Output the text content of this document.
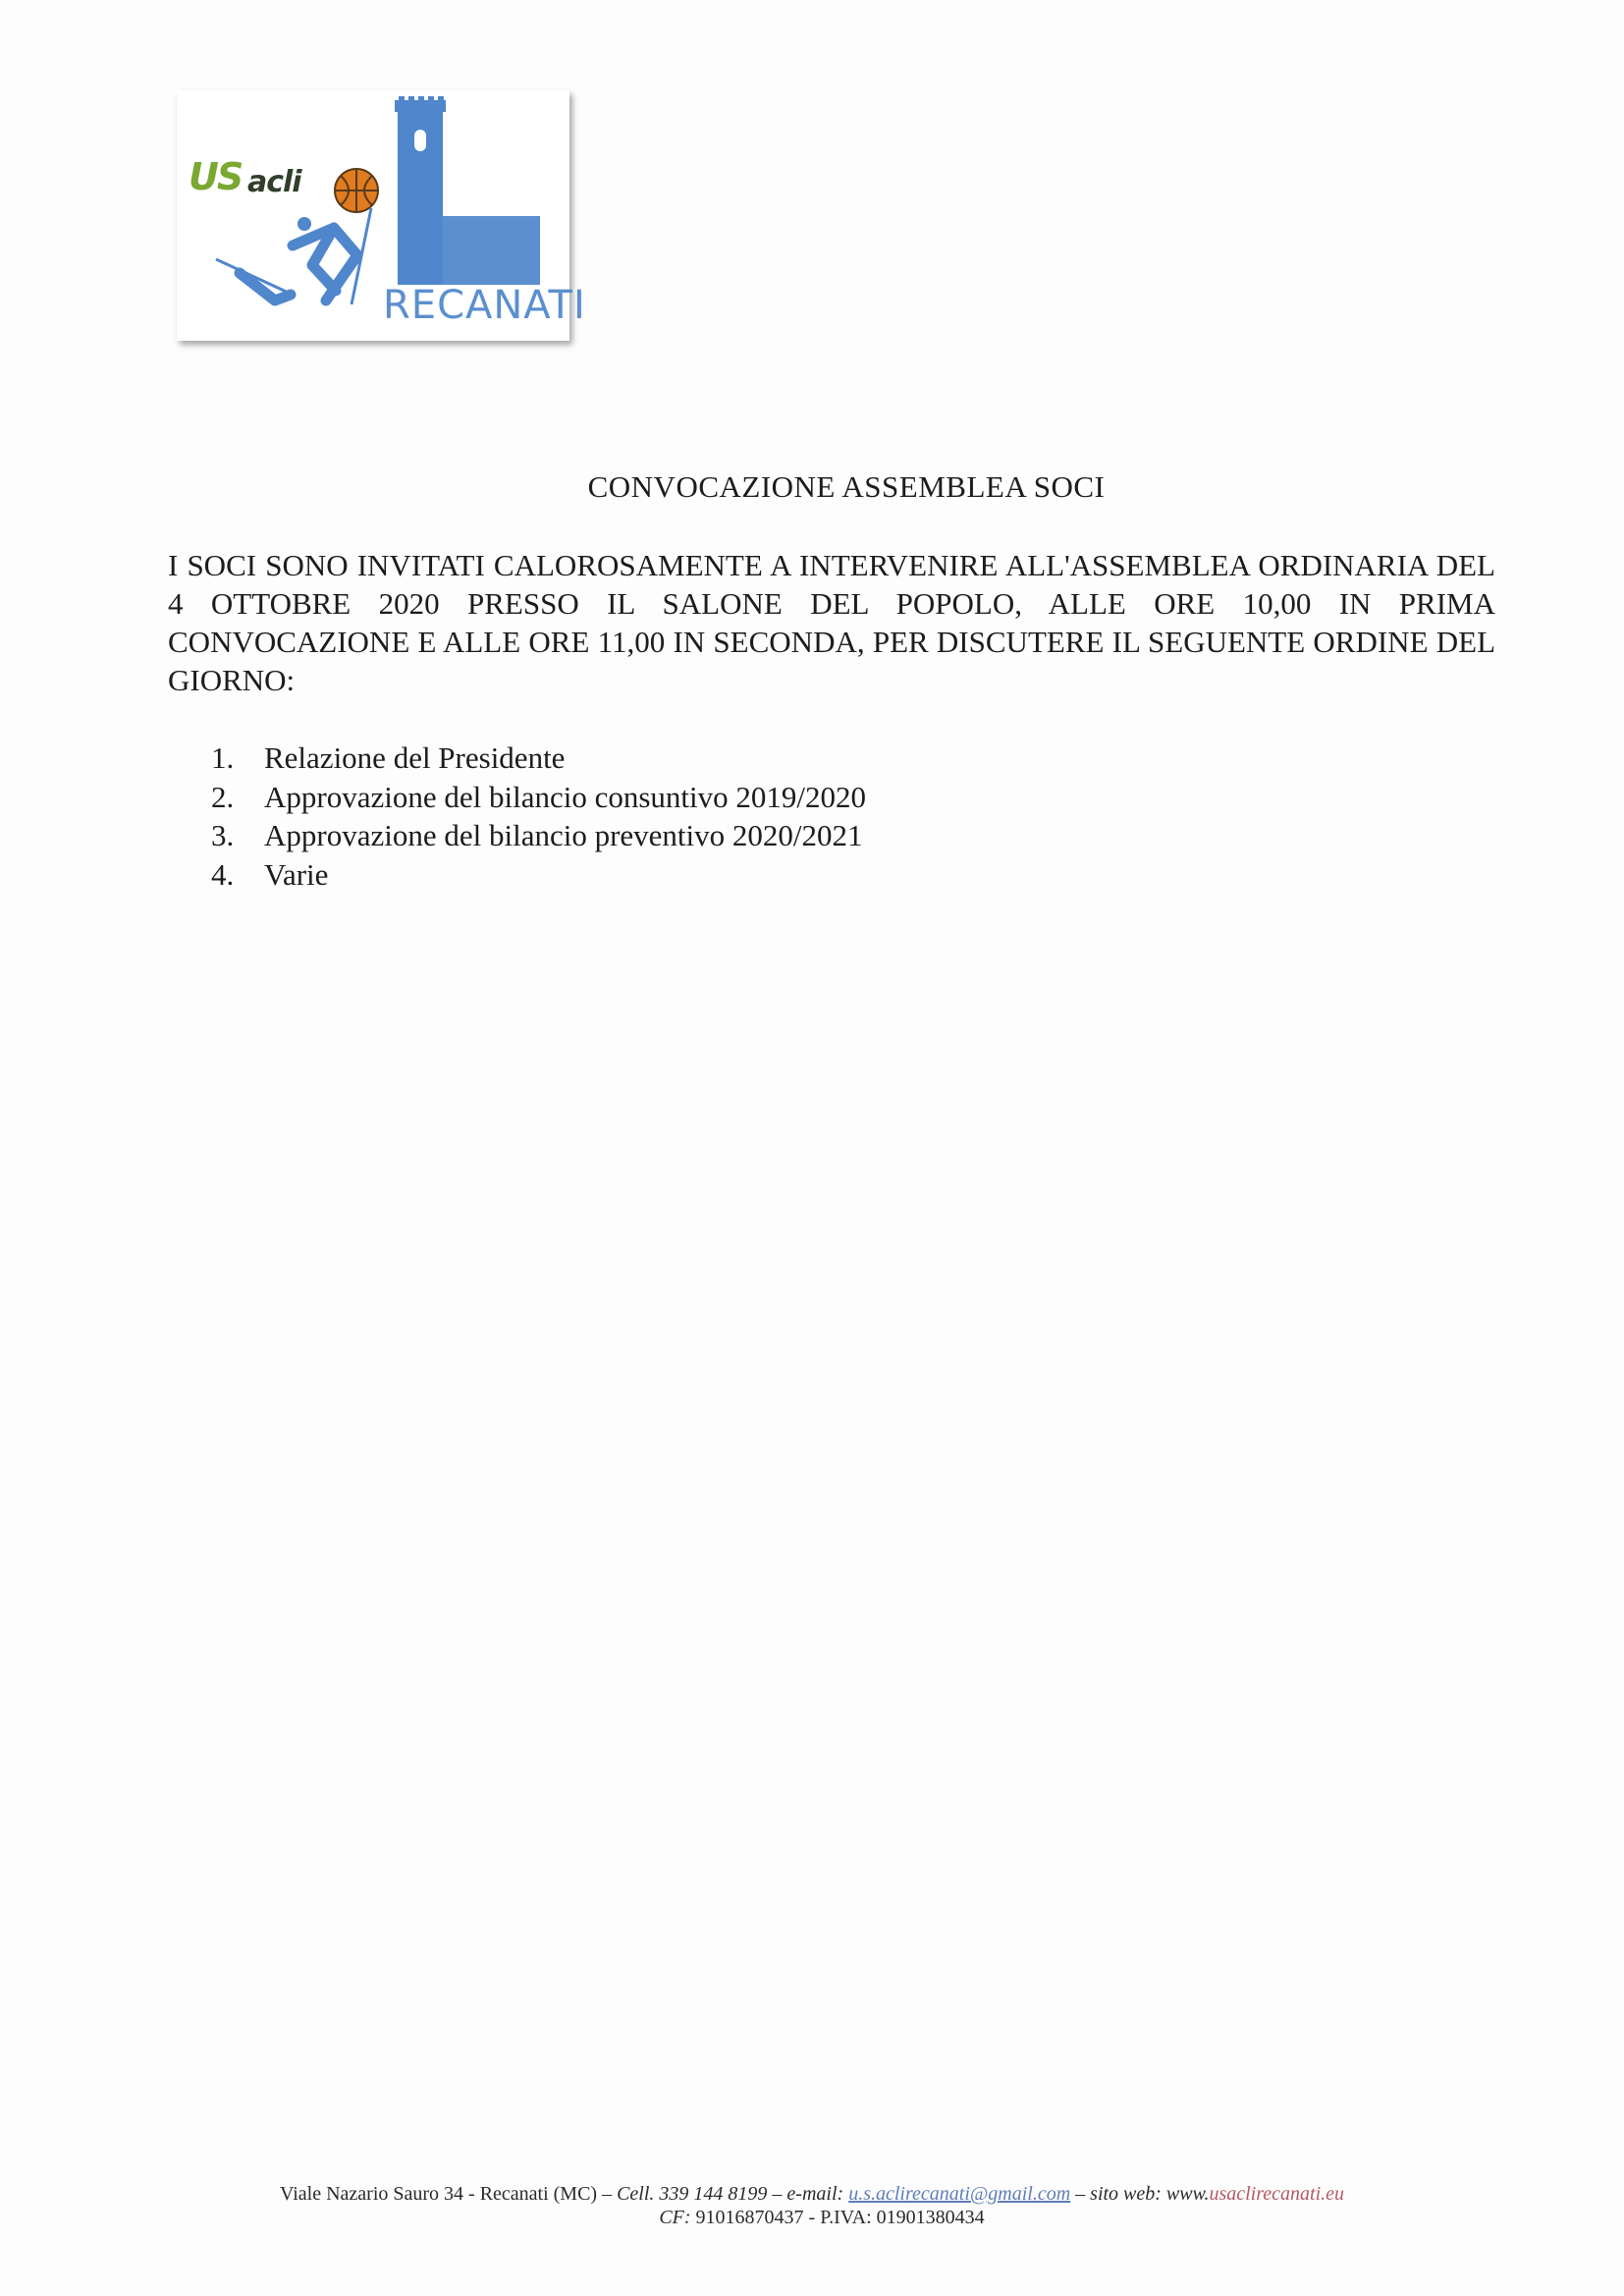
US acli
RECANATI
CONVOCAZIONE ASSEMBLEA SOCI
I SOCI SONO INVITATI CALOROSAMENTE A INTERVENIRE ALL'ASSEMBLEA ORDINARIA DEL 4 OTTOBRE 2020 PRESSO IL SALONE DEL POPOLO, ALLE ORE 10,00 IN PRIMA CONVOCAZIONE E ALLE ORE 11,00 IN SECONDA, PER DISCUTERE IL SEGUENTE ORDINE DEL GIORNO:
1. Relazione del Presidente
2. Approvazione del bilancio consuntivo 2019/2020
3. Approvazione del bilancio preventivo 2020/2021
4. Varie
Viale Nazario Sauro 34 - Recanati (MC) – Cell. 339 144 8199 – e-mail: u.s.aclirecanati@gmail.com – sito web: www.usaclirecanati.eu
CF: 91016870437 - P.IVA: 01901380434
